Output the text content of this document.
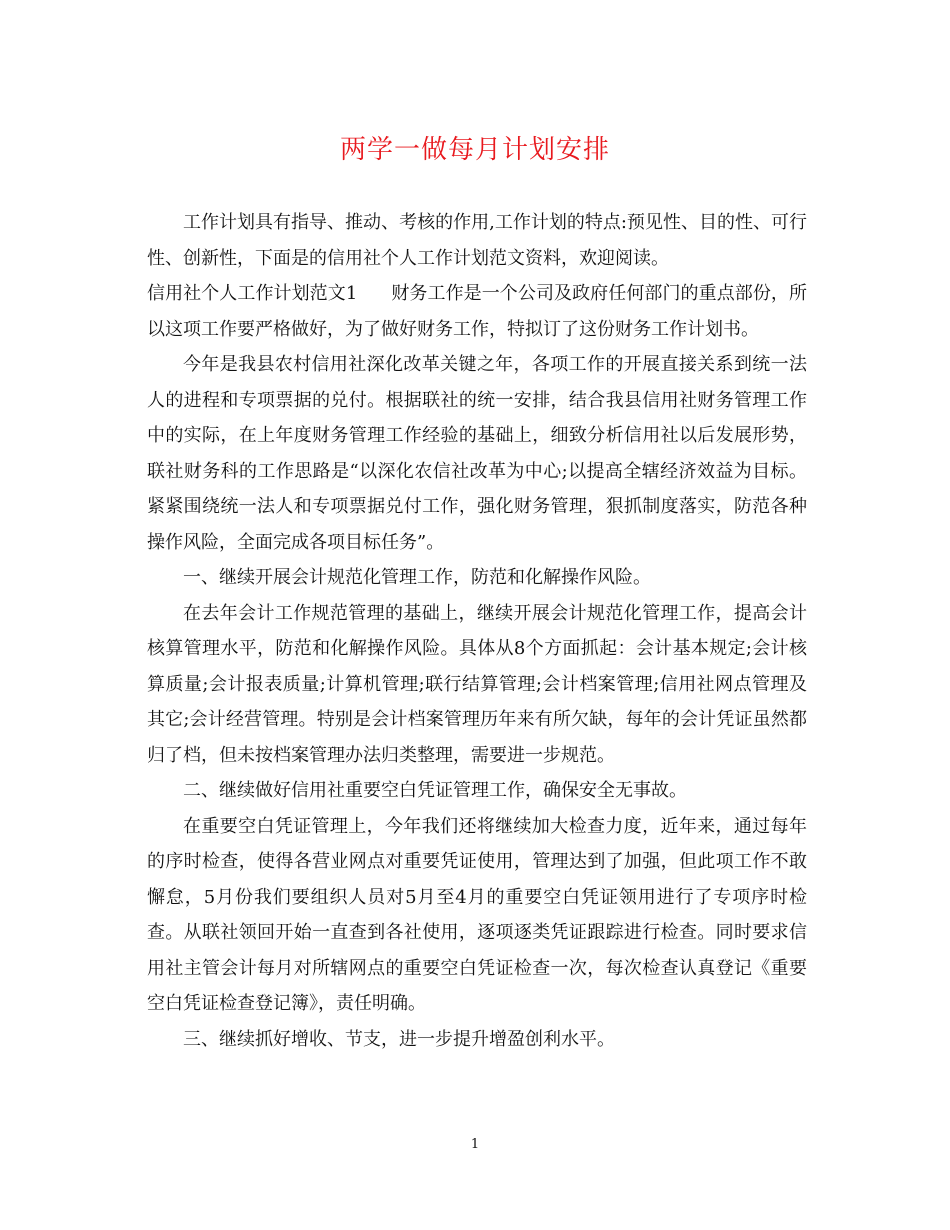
两学一做每月计划安排

工作计划具有指导、推动、考核的作用,工作计划的特点:预见性、目的性、可行性、创新性，下面是的信用社个人工作计划范文资料，欢迎阅读。

信用社个人工作计划范文1 财务工作是一个公司及政府任何部门的重点部份，所以这项工作要严格做好，为了做好财务工作，特拟订了这份财务工作计划书。

今年是我县农村信用社深化改革关键之年，各项工作的开展直接关系到统一法人的进程和专项票据的兑付。根据联社的统一安排，结合我县信用社财务管理工作中的实际，在上年度财务管理工作经验的基础上，细致分析信用社以后发展形势，联社财务科的工作思路是“以深化农信社改革为中心;以提高全辖经济效益为目标。紧紧围绕统一法人和专项票据兑付工作，强化财务管理，狠抓制度落实，防范各种操作风险，全面完成各项目标任务”。

一、继续开展会计规范化管理工作，防范和化解操作风险。

在去年会计工作规范管理的基础上，继续开展会计规范化管理工作，提高会计核算管理水平，防范和化解操作风险。具体从8个方面抓起：会计基本规定;会计核算质量;会计报表质量;计算机管理;联行结算管理;会计档案管理;信用社网点管理及其它;会计经营管理。特别是会计档案管理历年来有所欠缺，每年的会计凭证虽然都归了档，但未按档案管理办法归类整理，需要进一步规范。

二、继续做好信用社重要空白凭证管理工作，确保安全无事故。

在重要空白凭证管理上，今年我们还将继续加大检查力度，近年来，通过每年的序时检查，使得各营业网点对重要凭证使用，管理达到了加强，但此项工作不敢懈怠，5月份我们要组织人员对5月至4月的重要空白凭证领用进行了专项序时检查。从联社领回开始一直查到各社使用，逐项逐类凭证跟踪进行检查。同时要求信用社主管会计每月对所辖网点的重要空白凭证检查一次，每次检查认真登记《重要空白凭证检查登记簿》，责任明确。

三、继续抓好增收、节支，进一步提升增盈创利水平。

1
